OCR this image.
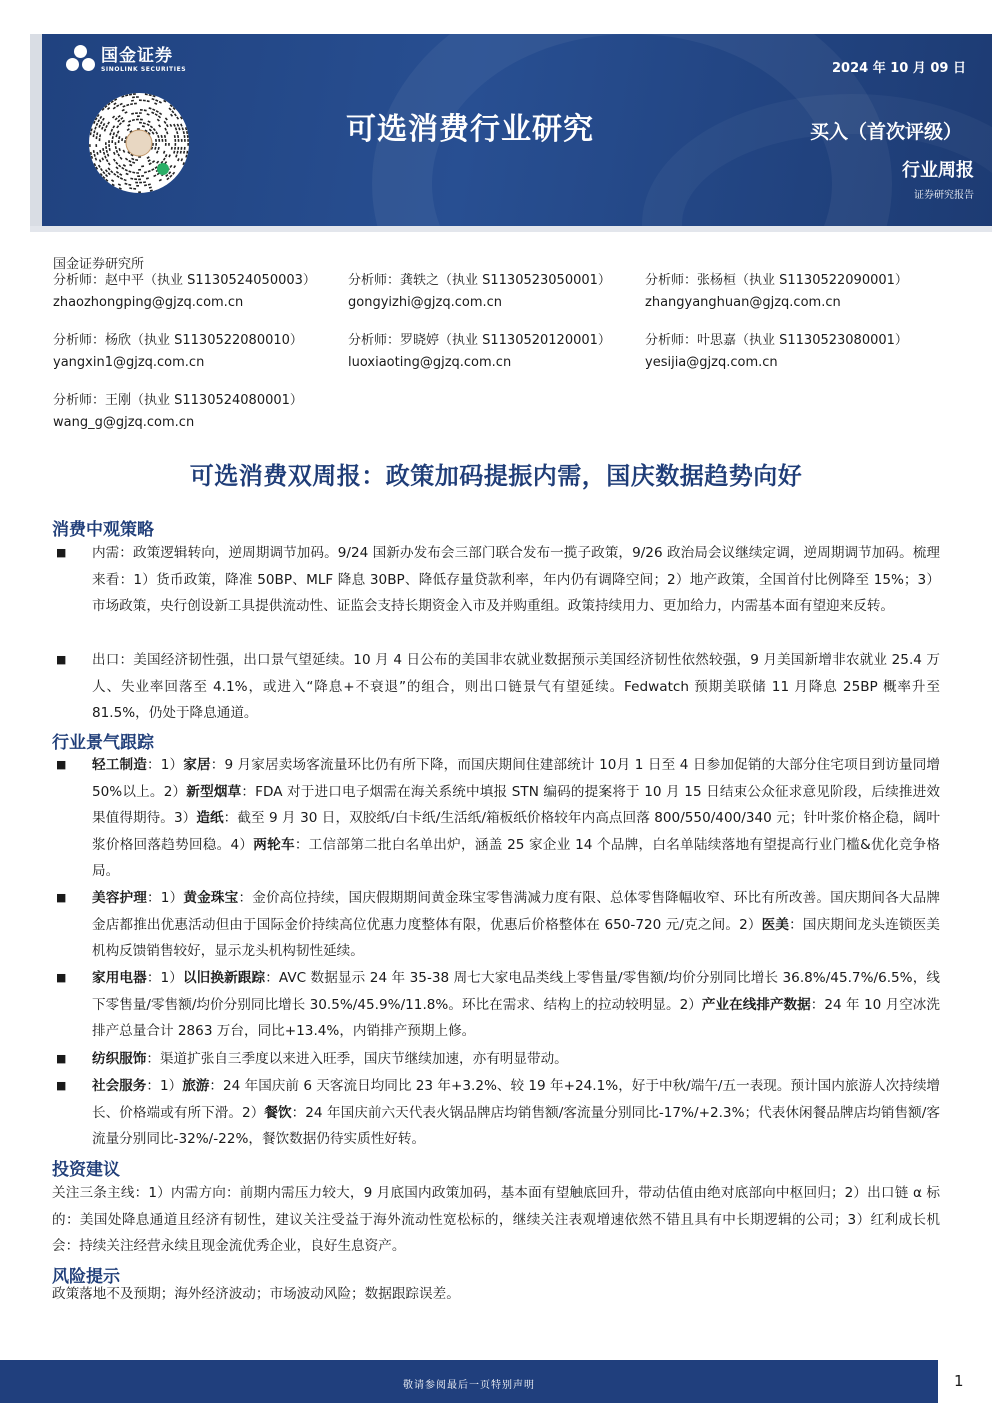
国金证券
SINOLINK SECURITIES	2024 年 10 月 09 日
可选消费行业研究	买入（首次评级）
行业周报
证券研究报告
国金证券研究所
分析师：赵中平（执业 S1130524050003）
zhaozhongping@gjzq.com.cn
分析师：龚轶之（执业 S1130523050001）
gongyizhi@gjzq.com.cn
分析师：张杨桓（执业 S1130522090001）
zhangyanghuan@gjzq.com.cn
分析师：杨欣（执业 S1130522080010）
yangxin1@gjzq.com.cn
分析师：罗晓婷（执业 S1130520120001）
luoxiaoting@gjzq.com.cn
分析师：叶思嘉（执业 S1130523080001）
yesijia@gjzq.com.cn
分析师：王刚（执业 S1130524080001）
wang_g@gjzq.com.cn
可选消费双周报：政策加码提振内需，国庆数据趋势向好
消费中观策略
■ 内需：政策逻辑转向，逆周期调节加码。9/24 国新办发布会三部门联合发布一揽子政策，9/26 政治局会议继续定调，逆周期调节加码。梳理来看：1）货币政策，降准 50BP、MLF 降息 30BP、降低存量贷款利率，年内仍有调降空间；2）地产政策，全国首付比例降至 15%；3）市场政策，央行创设新工具提供流动性、证监会支持长期资金入市及并购重组。政策持续用力、更加给力，内需基本面有望迎来反转。
■ 出口：美国经济韧性强，出口景气望延续。10 月 4 日公布的美国非农就业数据预示美国经济韧性依然较强，9 月美国新增非农就业 25.4 万人、失业率回落至 4.1%，或进入“降息+不衰退”的组合，则出口链景气有望延续。Fedwatch 预期美联储 11 月降息 25BP 概率升至 81.5%，仍处于降息通道。
行业景气跟踪
■ 轻工制造：1）家居：9 月家居卖场客流量环比仍有所下降，而国庆期间住建部统计 10月 1 日至 4 日参加促销的大部分住宅项目到访量同增 50%以上。2）新型烟草：FDA 对于进口电子烟需在海关系统中填报 STN 编码的提案将于 10 月 15 日结束公众征求意见阶段，后续推进效果值得期待。3）造纸：截至 9 月 30 日，双胶纸/白卡纸/生活纸/箱板纸价格较年内高点回落 800/550/400/340 元；针叶浆价格企稳，阔叶浆价格回落趋势回稳。4）两轮车：工信部第二批白名单出炉，涵盖 25 家企业 14 个品牌，白名单陆续落地有望提高行业门槛&优化竞争格局。
■ 美容护理：1）黄金珠宝：金价高位持续，国庆假期期间黄金珠宝零售满减力度有限、总体零售降幅收窄、环比有所改善。国庆期间各大品牌金店都推出优惠活动但由于国际金价持续高位优惠力度整体有限，优惠后价格整体在 650-720 元/克之间。2）医美：国庆期间龙头连锁医美机构反馈销售较好，显示龙头机构韧性延续。
■ 家用电器：1）以旧换新跟踪：AVC 数据显示 24 年 35-38 周七大家电品类线上零售量/零售额/均价分别同比增长 36.8%/45.7%/6.5%，线下零售量/零售额/均价分别同比增长 30.5%/45.9%/11.8%。环比在需求、结构上的拉动较明显。2）产业在线排产数据：24 年 10 月空冰洗排产总量合计 2863 万台，同比+13.4%，内销排产预期上修。
■ 纺织服饰：渠道扩张自三季度以来进入旺季，国庆节继续加速，亦有明显带动。
■ 社会服务：1）旅游：24 年国庆前 6 天客流日均同比 23 年+3.2%、较 19 年+24.1%，好于中秋/端午/五一表现。预计国内旅游人次持续增长、价格端或有所下滑。2）餐饮：24 年国庆前六天代表火锅品牌店均销售额/客流量分别同比-17%/+2.3%；代表休闲餐品牌店均销售额/客流量分别同比-32%/-22%，餐饮数据仍待实质性好转。
投资建议
关注三条主线：1）内需方向：前期内需压力较大，9 月底国内政策加码，基本面有望触底回升，带动估值由绝对底部向中枢回归；2）出口链 α 标的：美国处降息通道且经济有韧性，建议关注受益于海外流动性宽松标的，继续关注表观增速依然不错且具有中长期逻辑的公司；3）红利成长机会：持续关注经营永续且现金流优秀企业，良好生息资产。
风险提示
政策落地不及预期；海外经济波动；市场波动风险；数据跟踪误差。
敬请参阅最后一页特别声明	1
